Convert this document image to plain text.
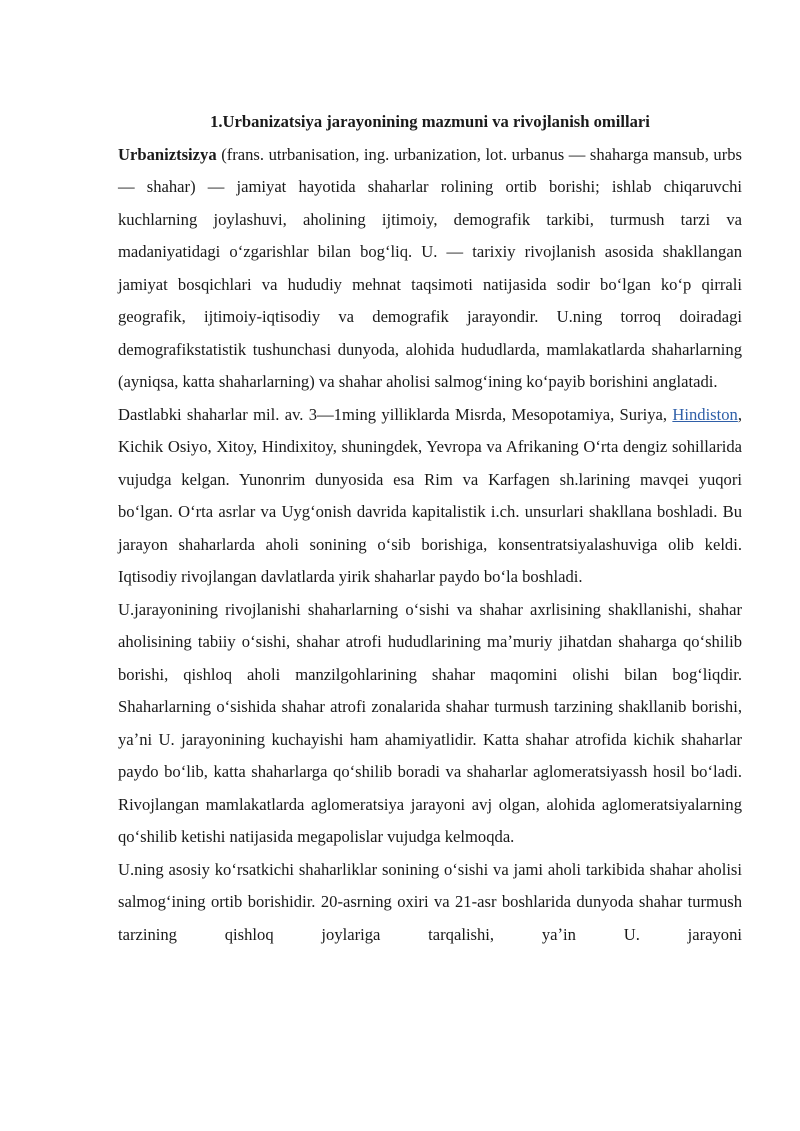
1.Urbanizatsiya jarayonining mazmuni va rivojlanish omillari

Urbaniztsizya (frans. utrbanisation, ing. urbanization, lot. urbanus — shaharga mansub, urbs — shahar) — jamiyat hayotida shaharlar rolining ortib borishi; ishlab chiqaruvchi kuchlarning joylashuvi, aholining ijtimoiy, demografik tarkibi, turmush tarzi va madaniyatidagi oʻzgarishlar bilan bogʻliq. U. — tarixiy rivojlanish asosida shakllangan jamiyat bosqichlari va hududiy mehnat taqsimoti natijasida sodir boʻlgan koʻp qirrali geografik, ijtimoiy-iqtisodiy va demografik jarayondir. U.ning torroq doiradagi demografikstatistik tushunchasi dunyoda, alohida hududlarda, mamlakatlarda shaharlarning (ayniqsa, katta shaharlarning) va shahar aholisi salmogʻining koʻpayib borishini anglatadi.

Dastlabki shaharlar mil. av. 3—1ming yilliklarda Misrda, Mesopotamiya, Suriya, Hindiston, Kichik Osiyo, Xitoy, Hindixitoy, shuningdek, Yevropa va Afrikaning Oʻrta dengiz sohillarida vujudga kelgan. Yunonrim dunyosida esa Rim va Karfagen sh.larining mavqei yuqori boʻlgan. Oʻrta asrlar va Uygʻonish davrida kapitalistik i.ch. unsurlari shakllana boshladi. Bu jarayon shaharlarda aholi sonining oʻsib borishiga, konsentratsiyalashuviga olib keldi. Iqtisodiy rivojlangan davlatlarda yirik shaharlar paydo boʻla boshladi.

U.jarayonining rivojlanishi shaharlarning oʻsishi va shahar axrlisining shakllanishi, shahar aholisining tabiiy oʻsishi, shahar atrofi hududlarining maʼmuriy jihatdan shaharga qoʻshilib borishi, qishloq aholi manzilgohlarining shahar maqomini olishi bilan bogʻliqdir. Shaharlarning oʻsishida shahar atrofi zonalarida shahar turmush tarzining shakllanib borishi, yaʼni U. jarayonining kuchayishi ham ahamiyatlidir. Katta shahar atrofida kichik shaharlar paydo boʻlib, katta shaharlarga qoʻshilib boradi va shaharlar aglomeratsiyassh hosil boʻladi. Rivojlangan mamlakatlarda aglomeratsiya jarayoni avj olgan, alohida aglomeratsiyalarning qoʻshilib ketishi natijasida megapolislar vujudga kelmoqda.

U.ning asosiy koʻrsatkichi shaharliklar sonining oʻsishi va jami aholi tarkibida shahar aholisi salmogʻining ortib borishidir. 20-asrning oxiri va 21-asr boshlarida dunyoda shahar turmush tarzining qishloq joylariga tarqalishi, yaʼin U. jarayoni
